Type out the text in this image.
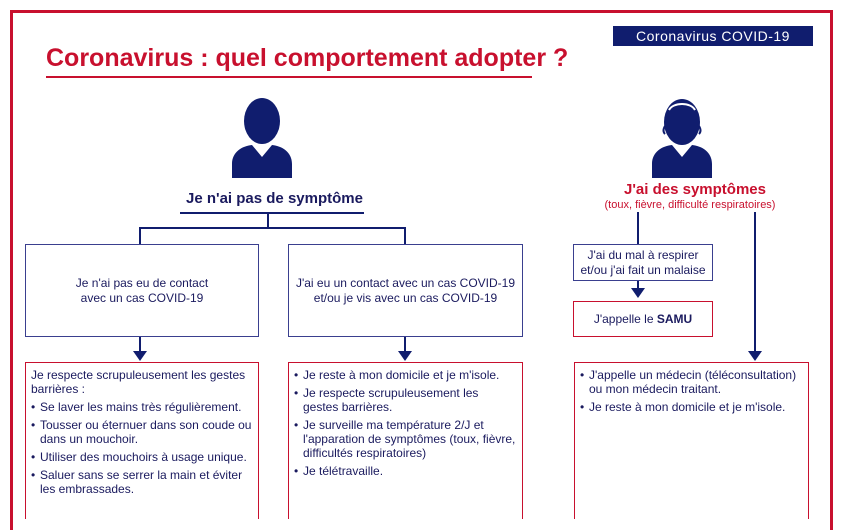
Coronavirus COVID-19
Coronavirus : quel comportement adopter ?
Je n'ai pas de symptôme
J'ai des symptômes
(toux, fièvre, difficulté respiratoires)
Je n'ai pas eu de contact avec un cas COVID-19
J'ai eu un contact avec un cas COVID-19 et/ou je vis avec un cas COVID-19

Je respecte scrupuleusement les gestes barrières :

• Se laver les mains très régulièrement.
• Tousser ou éternuer dans son coude ou dans un mouchoir.
• Utiliser des mouchoirs à usage unique.
• Saluer sans se serrer la main et éviter les embrassades.
• Je reste à mon domicile et je m'isole.
• Je respecte scrupuleusement les gestes barrières.
• Je surveille ma température 2/J et l'apparation de symptômes (toux, fièvre, difficultés respiratoires)
• Je télétravaille.
J'ai du mal à respirer et/ou j'ai fait un malaise
J'appelle le SAMU
• J'appelle un médecin (téléconsultation) ou mon médecin traitant.
• Je reste à mon domicile et je m'isole.
